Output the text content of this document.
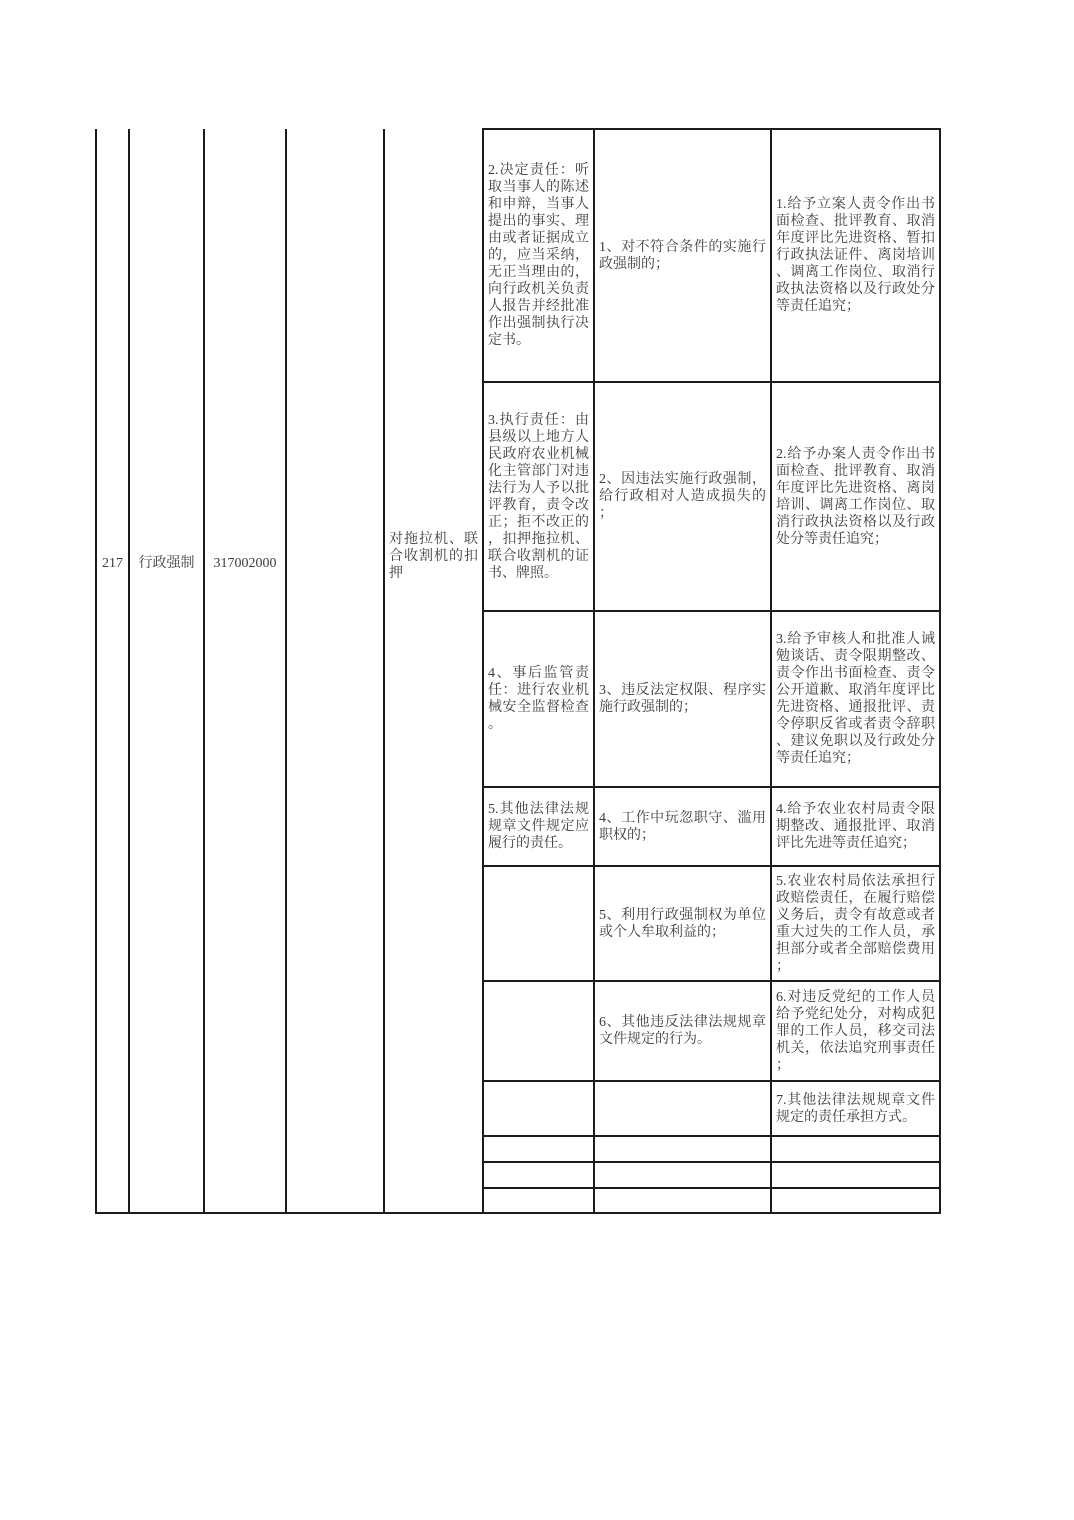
217	行政强制	317002000		对拖拉机、联合收割机的扣押	2.决定责任：听取当事人的陈述和申辩，当事人提出的事实、理由或者证据成立的，应当采纳，无正当理由的，向行政机关负责人报告并经批准作出强制执行决定书。	1、对不符合条件的实施行政强制的；	1.给予立案人责令作出书面检查、批评教育、取消年度评比先进资格、暂扣行政执法证件、离岗培训、调离工作岗位、取消行政执法资格以及行政处分等责任追究；
					3.执行责任：由县级以上地方人民政府农业机械化主管部门对违法行为人予以批评教育，责令改正；拒不改正的，扣押拖拉机、联合收割机的证书、牌照。	2、因违法实施行政强制，给行政相对人造成损失的；	2.给予办案人责令作出书面检查、批评教育、取消年度评比先进资格、离岗培训、调离工作岗位、取消行政执法资格以及行政处分等责任追究；
					4、事后监管责任：进行农业机械安全监督检查。	3、违反法定权限、程序实施行政强制的；	3.给予审核人和批准人诫勉谈话、责令限期整改、责令作出书面检查、责令公开道歉、取消年度评比先进资格、通报批评、责令停职反省或者责令辞职、建议免职以及行政处分等责任追究；
					5.其他法律法规规章文件规定应履行的责任。	4、工作中玩忽职守、滥用职权的；	4.给予农业农村局责令限期整改、通报批评、取消评比先进等责任追究；
						5、利用行政强制权为单位或个人牟取利益的；	5.农业农村局依法承担行政赔偿责任，在履行赔偿义务后，责令有故意或者重大过失的工作人员，承担部分或者全部赔偿费用；
						6、其他违反法律法规规章文件规定的行为。	6.对违反党纪的工作人员给予党纪处分，对构成犯罪的工作人员，移交司法机关，依法追究刑事责任；
							7.其他法律法规规章文件规定的责任承担方式。
